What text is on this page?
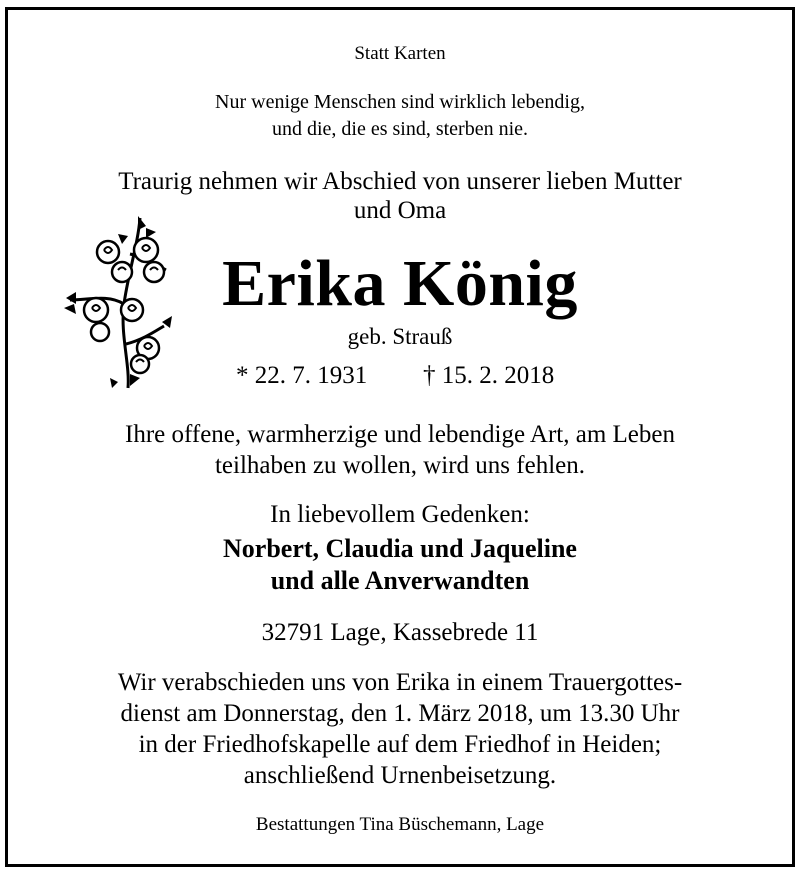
Statt Karten

Nur wenige Menschen sind wirklich lebendig,

und die, die es sind, sterben nie.

Traurig nehmen wir Abschied von unserer lieben Mutter

und Oma

Erika König

geb. Strauß

* 22. 7. 1931 † 15. 2. 2018

Ihre offene, warmherzige und lebendige Art, am Leben

teilhaben zu wollen, wird uns fehlen.

In liebevollem Gedenken:

Norbert, Claudia und Jaqueline

und alle Anverwandten

32791 Lage, Kassebrede 11

Wir verabschieden uns von Erika in einem Trauergottes-

dienst am Donnerstag, den 1. März 2018, um 13.30 Uhr

in der Friedhofskapelle auf dem Friedhof in Heiden;

anschließend Urnenbeisetzung.

Bestattungen Tina Büschemann, Lage
